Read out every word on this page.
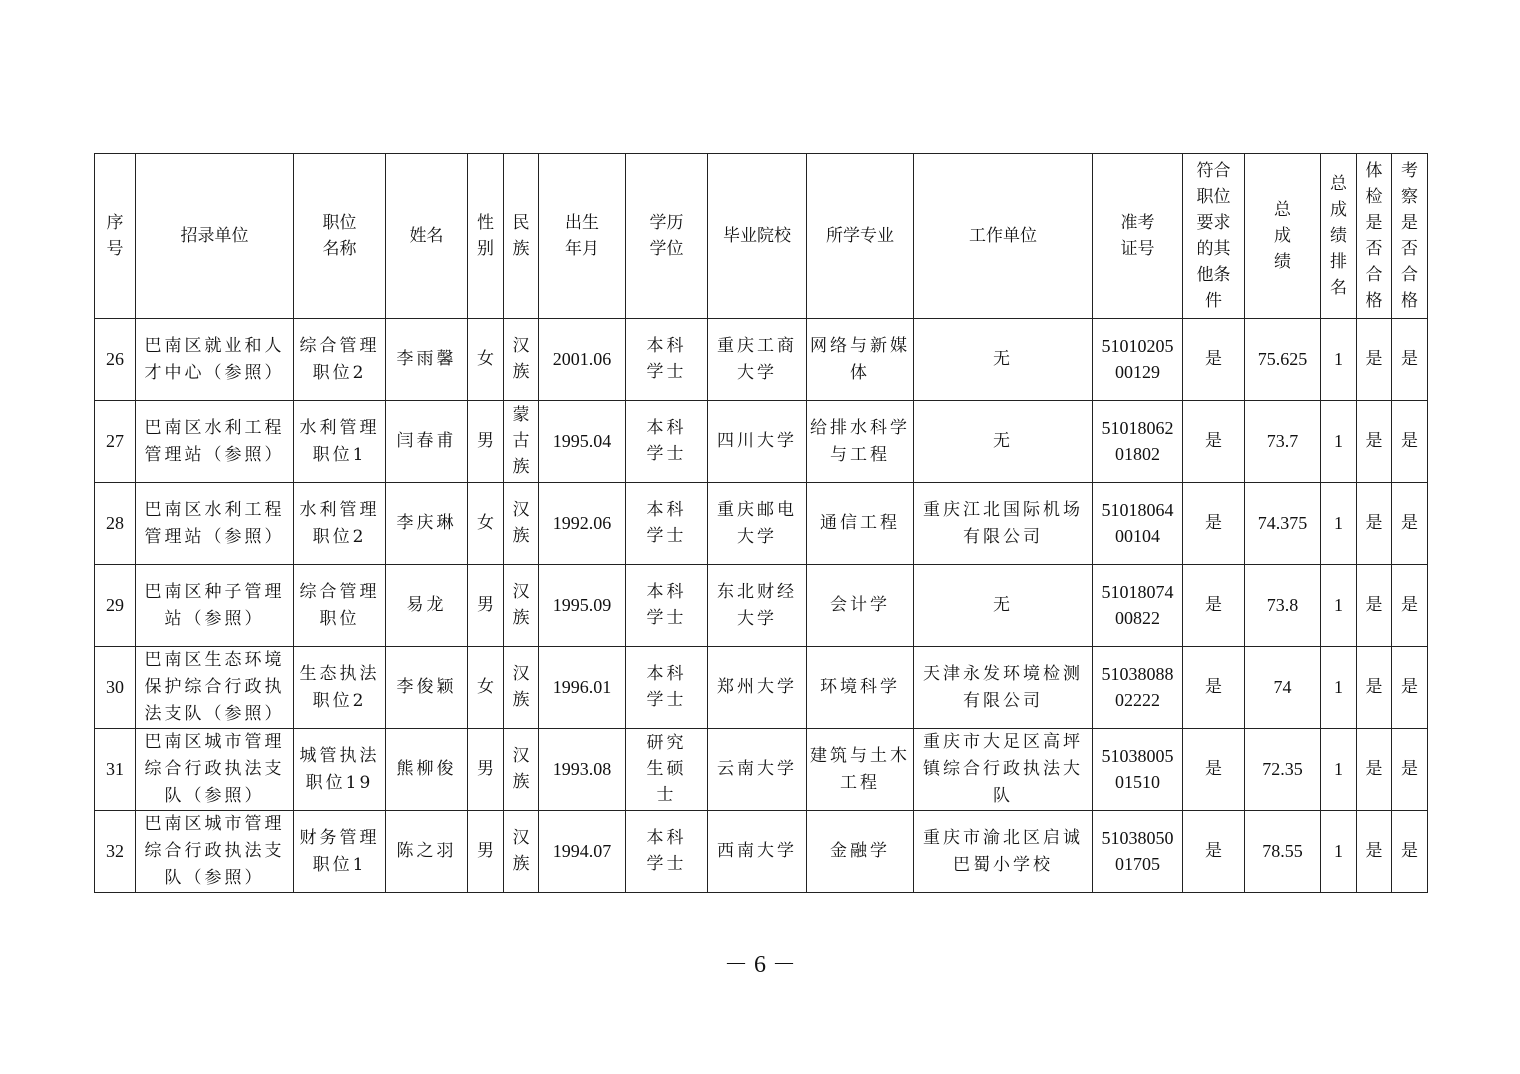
序号	招录单位	职位名称	姓名	性别	民族	出生年月	学历学位	毕业院校	所学专业	工作单位	准考证号	符合职位要求的其他条件	总成绩	总成绩排名	体检是否合格	考察是否合格
26	巴南区就业和人才中心（参照）	综合管理职位2	李雨馨	女	汉族	2001.06	本科学士	重庆工商大学	网络与新媒体	无	5101020500129	是	75.625	1	是	是
27	巴南区水利工程管理站（参照）	水利管理职位1	闫春甫	男	蒙古族	1995.04	本科学士	四川大学	给排水科学与工程	无	5101806201802	是	73.7	1	是	是
28	巴南区水利工程管理站（参照）	水利管理职位2	李庆琳	女	汉族	1992.06	本科学士	重庆邮电大学	通信工程	重庆江北国际机场有限公司	5101806400104	是	74.375	1	是	是
29	巴南区种子管理站（参照）	综合管理职位	易龙	男	汉族	1995.09	本科学士	东北财经大学	会计学	无	5101807400822	是	73.8	1	是	是
30	巴南区生态环境保护综合行政执法支队（参照）	生态执法职位2	李俊颖	女	汉族	1996.01	本科学士	郑州大学	环境科学	天津永发环境检测有限公司	5103808802222	是	74	1	是	是
31	巴南区城市管理综合行政执法支队（参照）	城管执法职位19	熊柳俊	男	汉族	1993.08	研究生硕士	云南大学	建筑与土木工程	重庆市大足区高坪镇综合行政执法大队	5103800501510	是	72.35	1	是	是
32	巴南区城市管理综合行政执法支队（参照）	财务管理职位1	陈之羽	男	汉族	1994.07	本科学士	西南大学	金融学	重庆市渝北区启诚巴蜀小学校	5103805001705	是	78.55	1	是	是
－ 6 －
